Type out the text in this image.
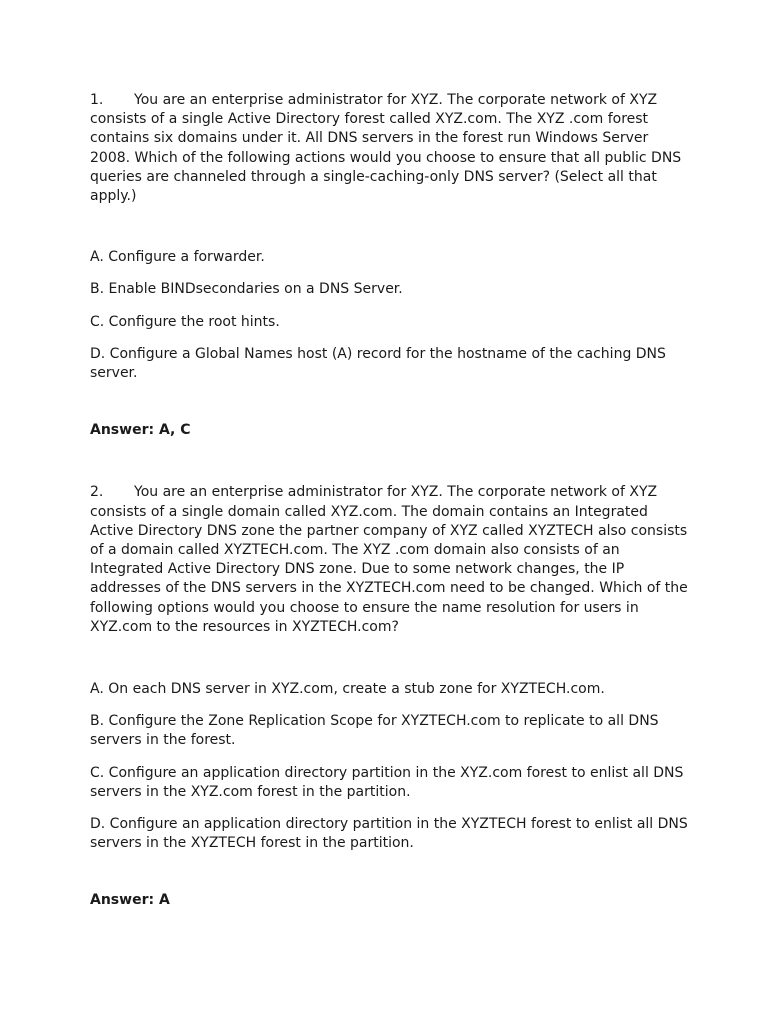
1. You are an enterprise administrator for XYZ. The corporate network of XYZ consists of a single Active Directory forest called XYZ.com. The XYZ .com forest contains six domains under it. All DNS servers in the forest run Windows Server 2008. Which of the following actions would you choose to ensure that all public DNS queries are channeled through a single-caching-only DNS server? (Select all that apply.)

A. Configure a forwarder.

B. Enable BINDsecondaries on a DNS Server.

C. Configure the root hints.

D. Configure a Global Names host (A) record for the hostname of the caching DNS server.

Answer: A, C

2. You are an enterprise administrator for XYZ. The corporate network of XYZ consists of a single domain called XYZ.com. The domain contains an Integrated Active Directory DNS zone the partner company of XYZ called XYZTECH also consists of a domain called XYZTECH.com. The XYZ .com domain also consists of an Integrated Active Directory DNS zone. Due to some network changes, the IP addresses of the DNS servers in the XYZTECH.com need to be changed. Which of the following options would you choose to ensure the name resolution for users in XYZ.com to the resources in XYZTECH.com?

A. On each DNS server in XYZ.com, create a stub zone for XYZTECH.com.

B. Configure the Zone Replication Scope for XYZTECH.com to replicate to all DNS servers in the forest.

C. Configure an application directory partition in the XYZ.com forest to enlist all DNS servers in the XYZ.com forest in the partition.

D. Configure an application directory partition in the XYZTECH forest to enlist all DNS servers in the XYZTECH forest in the partition.

Answer: A
